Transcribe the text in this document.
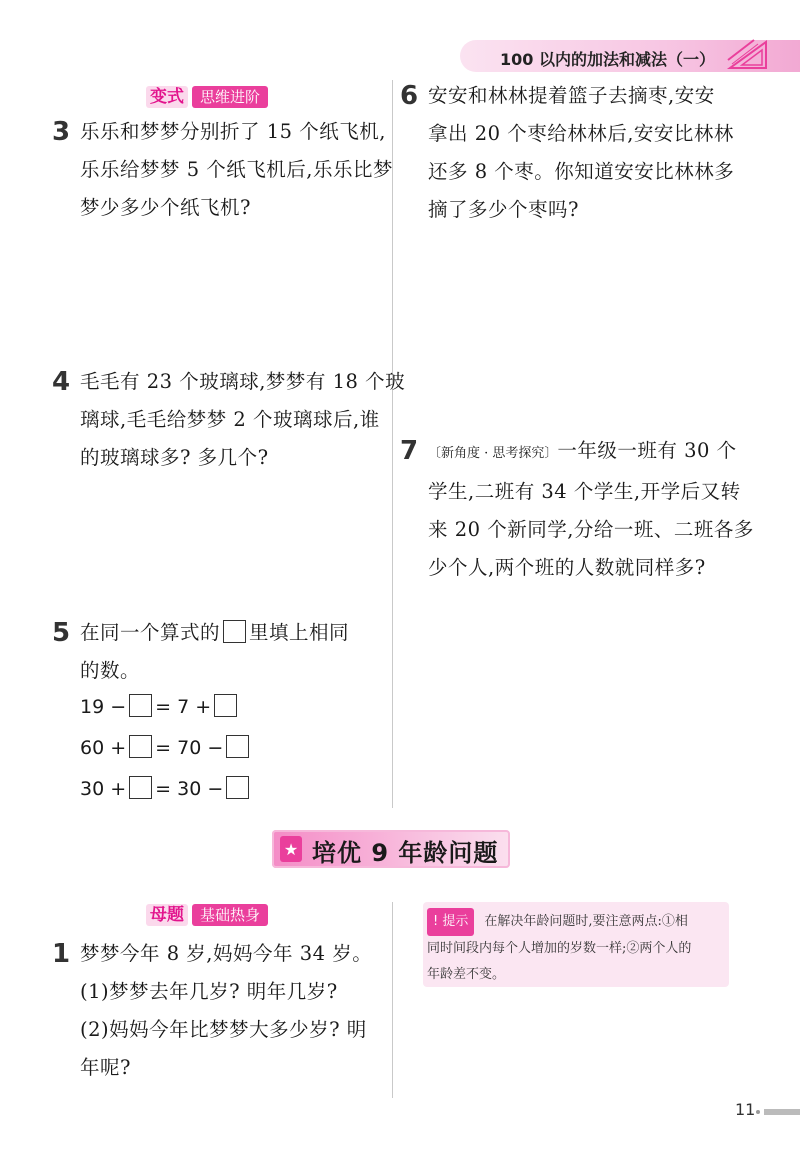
100 以内的加法和减法（一）
变式	思维进阶
3 乐乐和梦梦分别折了 15 个纸飞机,
乐乐给梦梦 5 个纸飞机后,乐乐比梦
梦少多少个纸飞机?
4 毛毛有 23 个玻璃球,梦梦有 18 个玻
璃球,毛毛给梦梦 2 个玻璃球后,谁
的玻璃球多? 多几个?
5 在同一个算式的 里填上相同
的数。
19 − = 7 +
60 + = 70 −
30 + = 30 −
6 安安和林林提着篮子去摘枣,安安
拿出 20 个枣给林林后,安安比林林
还多 8 个枣。你知道安安比林林多
摘了多少个枣吗?
7 〔新角度 · 思考探究〕一年级一班有 30 个
学生,二班有 34 个学生,开学后又转
来 20 个新同学,分给一班、二班各多
少个人,两个班的人数就同样多?
★ 培优 9 年龄问题
母题	基础热身
1 梦梦今年 8 岁,妈妈今年 34 岁。
(1)梦梦去年几岁? 明年几岁?
(2)妈妈今年比梦梦大多少岁? 明
年呢?
! 提示 在解决年龄问题时,要注意两点:①相
同时间段内每个人增加的岁数一样;②两个人的
年龄差不变。
11
